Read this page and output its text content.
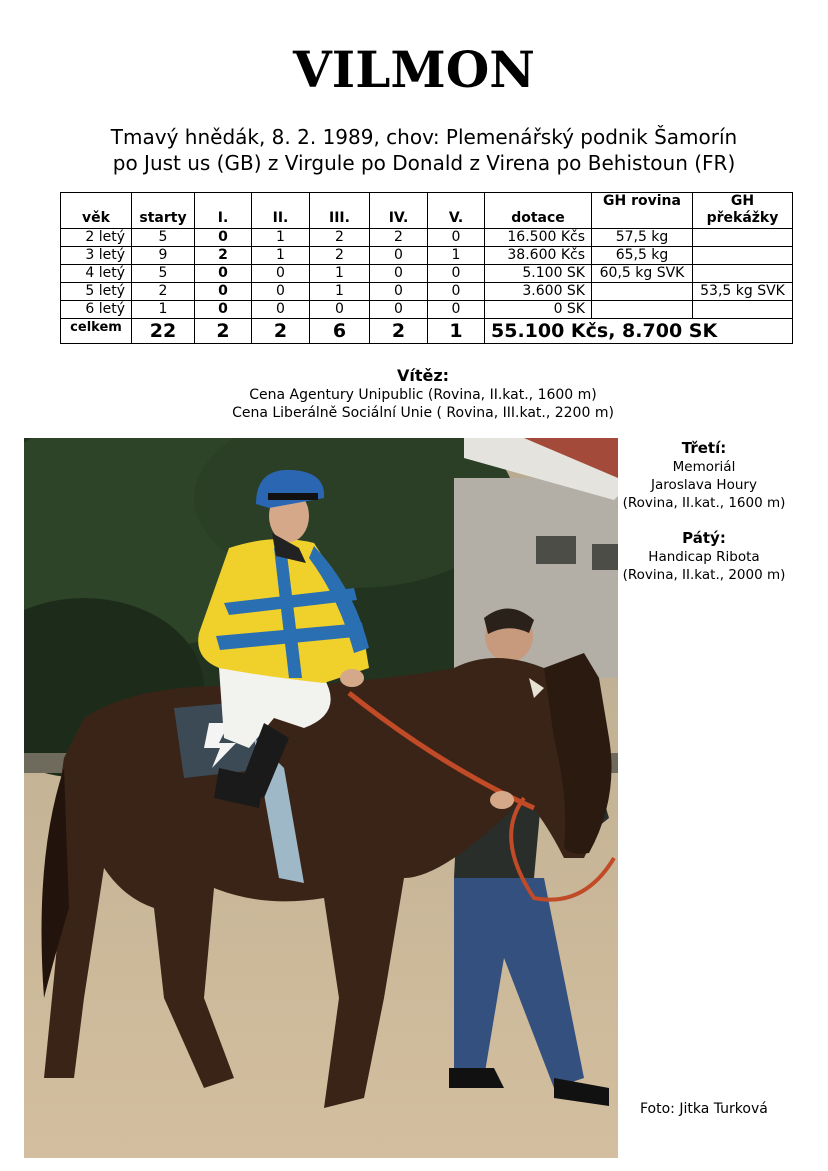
VILMON
Tmavý hnědák, 8. 2. 1989, chov: Plemenářský podnik Šamorín
po Just us (GB) z Virgule po Donald z Virena po Behistoun (FR)
věk	starty	I.	II.	III.	IV.	V.	dotace	GH rovina	GH
překážky
2 letý	5	0	1	2	2	0	16.500 Kčs	57,5 kg	
3 letý	9	2	1	2	0	1	38.600 Kčs	65,5 kg	
4 letý	5	0	0	1	0	0	5.100 SK	60,5 kg SVK	
5 letý	2	0	0	1	0	0	3.600 SK		53,5 kg SVK
6 letý	1	0	0	0	0	0	0 SK		
celkem	22	2	2	6	2	1	55.100 Kčs, 8.700 SK		
Vítěz:
Cena Agentury Unipublic (Rovina, II.kat., 1600 m)
Cena Liberálně Sociální Unie ( Rovina, III.kat., 2200 m)
Třetí:
Memoriál
Jaroslava Houry
(Rovina, II.kat., 1600 m)
Pátý:
Handicap Ribota
(Rovina, II.kat., 2000 m)
Foto: Jitka Turková
